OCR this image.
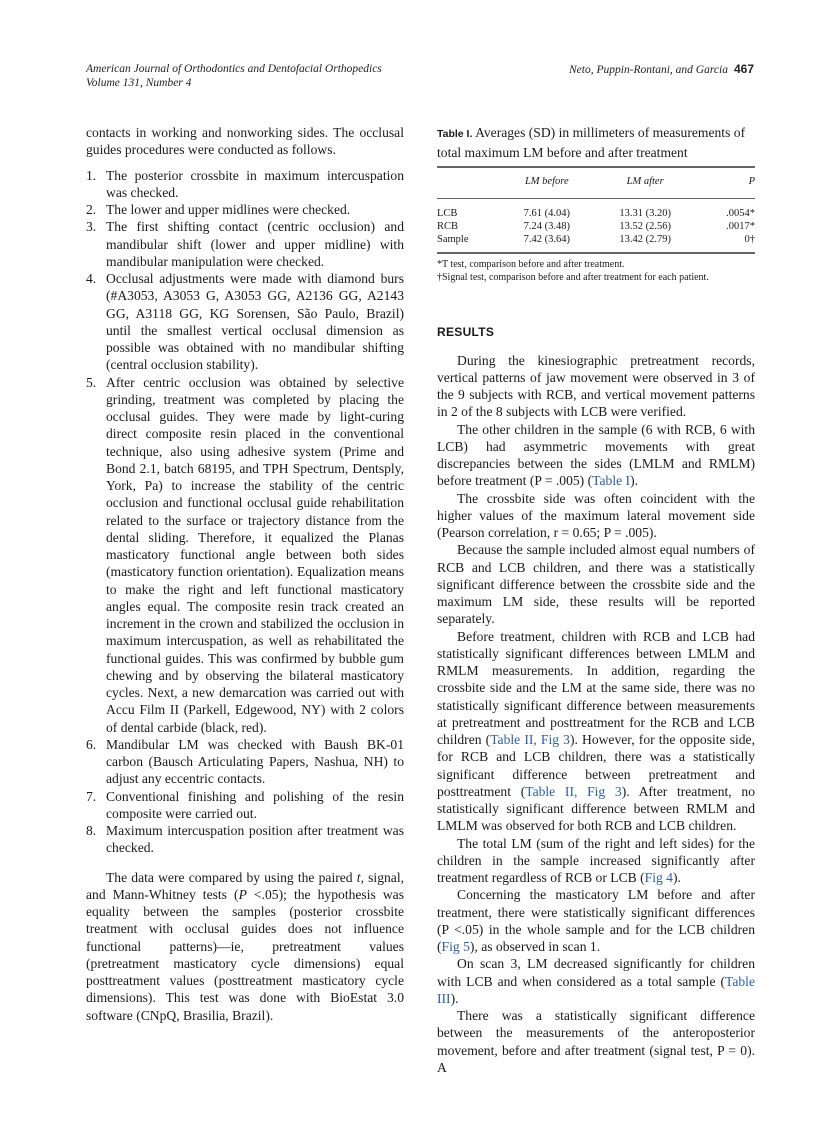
American Journal of Orthodontics and Dentofacial Orthopedics
Volume 131, Number 4
Neto, Puppin-Rontani, and Garcia 467

contacts in working and nonworking sides. The occlusal guides procedures were conducted as follows.

1. The posterior crossbite in maximum intercuspation was checked.
2. The lower and upper midlines were checked.
3. The first shifting contact (centric occlusion) and mandibular shift (lower and upper midline) with mandibular manipulation were checked.
4. Occlusal adjustments were made with diamond burs (#A3053, A3053 G, A3053 GG, A2136 GG, A2143 GG, A3118 GG, KG Sorensen, São Paulo, Brazil) until the smallest vertical occlusal dimension as possible was obtained with no mandibular shifting (central occlusion stability).
5. After centric occlusion was obtained by selective grinding, treatment was completed by placing the occlusal guides. They were made by light-curing direct composite resin placed in the conventional technique, also using adhesive system (Prime and Bond 2.1, batch 68195, and TPH Spectrum, Dentsply, York, Pa) to increase the stability of the centric occlusion and functional occlusal guide rehabilitation related to the surface or trajectory distance from the dental sliding. Therefore, it equalized the Planas masticatory functional angle between both sides (masticatory function orientation). Equalization means to make the right and left functional masticatory angles equal. The composite resin track created an increment in the crown and stabilized the occlusion in maximum intercuspation, as well as rehabilitated the functional guides. This was confirmed by bubble gum chewing and by observing the bilateral masticatory cycles. Next, a new demarcation was carried out with Accu Film II (Parkell, Edgewood, NY) with 2 colors of dental carbide (black, red).
6. Mandibular LM was checked with Baush BK-01 carbon (Bausch Articulating Papers, Nashua, NH) to adjust any eccentric contacts.
7. Conventional finishing and polishing of the resin composite were carried out.
8. Maximum intercuspation position after treatment was checked.

The data were compared by using the paired t, signal, and Mann-Whitney tests (P <.05); the hypothesis was equality between the samples (posterior crossbite treatment with occlusal guides does not influence functional patterns)—ie, pretreatment values (pretreatment masticatory cycle dimensions) equal posttreatment values (posttreatment masticatory cycle dimensions). This test was done with BioEstat 3.0 software (CNpQ, Brasilia, Brazil).

Table I. Averages (SD) in millimeters of measurements of total maximum LM before and after treatment
	LM before	LM after	P
LCB	7.61 (4.04)	13.31 (3.20)	.0054*
RCB	7.24 (3.48)	13.52 (2.56)	.0017*
Sample	7.42 (3.64)	13.42 (2.79)	0†
*T test, comparison before and after treatment.
†Signal test, comparison before and after treatment for each patient.
RESULTS

During the kinesiographic pretreatment records, vertical patterns of jaw movement were observed in 3 of the 9 subjects with RCB, and vertical movement patterns in 2 of the 8 subjects with LCB were verified.

The other children in the sample (6 with RCB, 6 with LCB) had asymmetric movements with great discrepancies between the sides (LMLM and RMLM) before treatment (P = .005) (Table I).

The crossbite side was often coincident with the higher values of the maximum lateral movement side (Pearson correlation, r = 0.65; P = .005).

Because the sample included almost equal numbers of RCB and LCB children, and there was a statistically significant difference between the crossbite side and the maximum LM side, these results will be reported separately.

Before treatment, children with RCB and LCB had statistically significant differences between LMLM and RMLM measurements. In addition, regarding the crossbite side and the LM at the same side, there was no statistically significant difference between measurements at pretreatment and posttreatment for the RCB and LCB children (Table II, Fig 3). However, for the opposite side, for RCB and LCB children, there was a statistically significant difference between pretreatment and posttreatment (Table II, Fig 3). After treatment, no statistically significant difference between RMLM and LMLM was observed for both RCB and LCB children.

The total LM (sum of the right and left sides) for the children in the sample increased significantly after treatment regardless of RCB or LCB (Fig 4).

Concerning the masticatory LM before and after treatment, there were statistically significant differences (P <.05) in the whole sample and for the LCB children (Fig 5), as observed in scan 1.

On scan 3, LM decreased significantly for children with LCB and when considered as a total sample (Table III).

There was a statistically significant difference between the measurements of the anteroposterior movement, before and after treatment (signal test, P = 0). A
